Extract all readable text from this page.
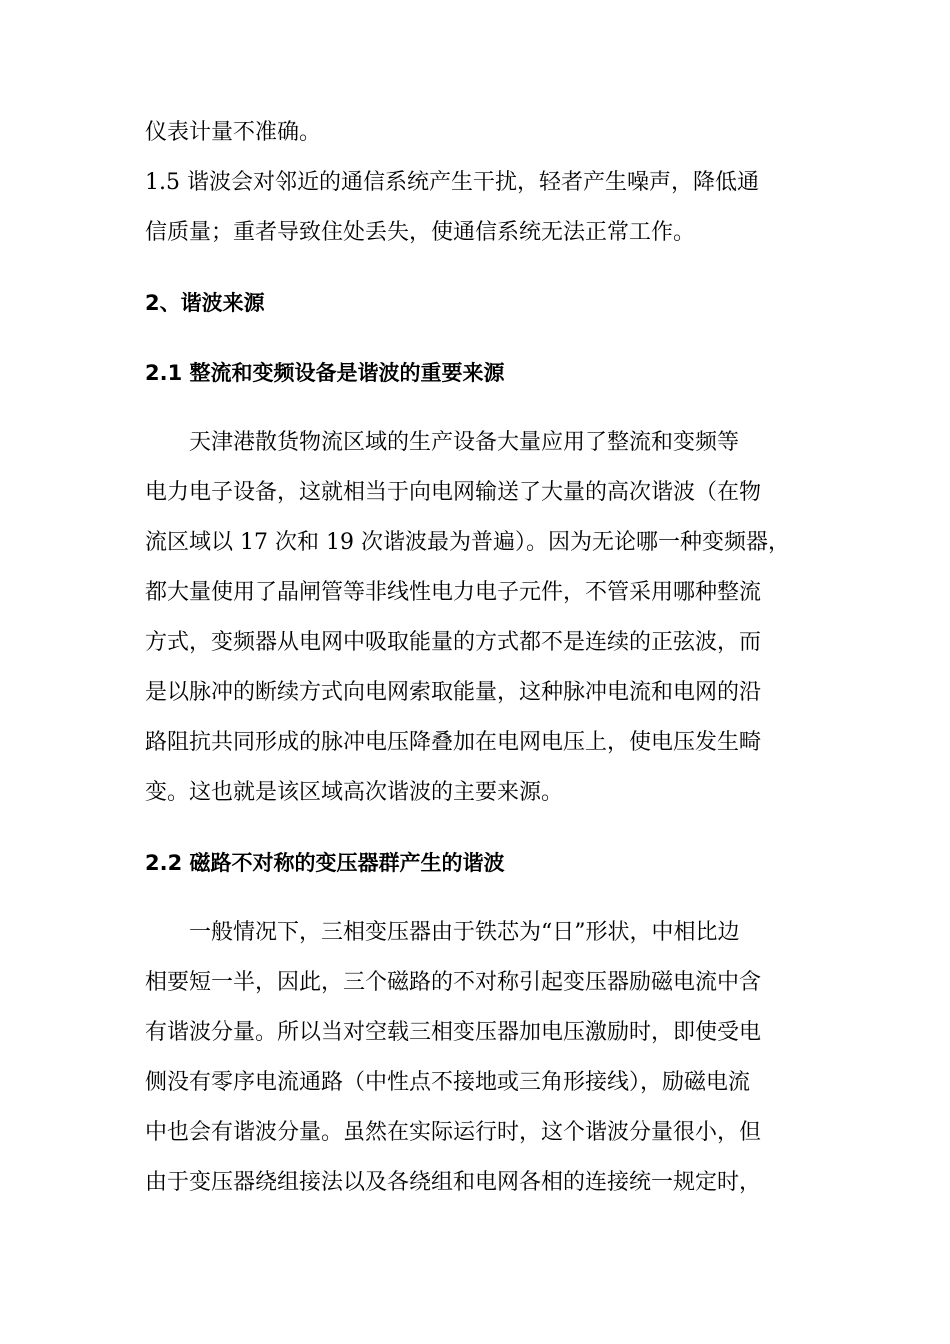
仪表计量不准确。
1.5 谐波会对邻近的通信系统产生干扰，轻者产生噪声，降低通
信质量；重者导致住处丢失，使通信系统无法正常工作。
2、谐波来源
2.1 整流和变频设备是谐波的重要来源
天津港散货物流区域的生产设备大量应用了整流和变频等
电力电子设备，这就相当于向电网输送了大量的高次谐波（在物
流区域以 17 次和 19 次谐波最为普遍）。因为无论哪一种变频器，
都大量使用了晶闸管等非线性电力电子元件，不管采用哪种整流
方式，变频器从电网中吸取能量的方式都不是连续的正弦波，而
是以脉冲的断续方式向电网索取能量，这种脉冲电流和电网的沿
路阻抗共同形成的脉冲电压降叠加在电网电压上，使电压发生畸
变。这也就是该区域高次谐波的主要来源。
2.2 磁路不对称的变压器群产生的谐波
一般情况下，三相变压器由于铁芯为“日”形状，中相比边
相要短一半，因此，三个磁路的不对称引起变压器励磁电流中含
有谐波分量。所以当对空载三相变压器加电压激励时，即使受电
侧没有零序电流通路（中性点不接地或三角形接线），励磁电流
中也会有谐波分量。虽然在实际运行时，这个谐波分量很小，但
由于变压器绕组接法以及各绕组和电网各相的连接统一规定时，
